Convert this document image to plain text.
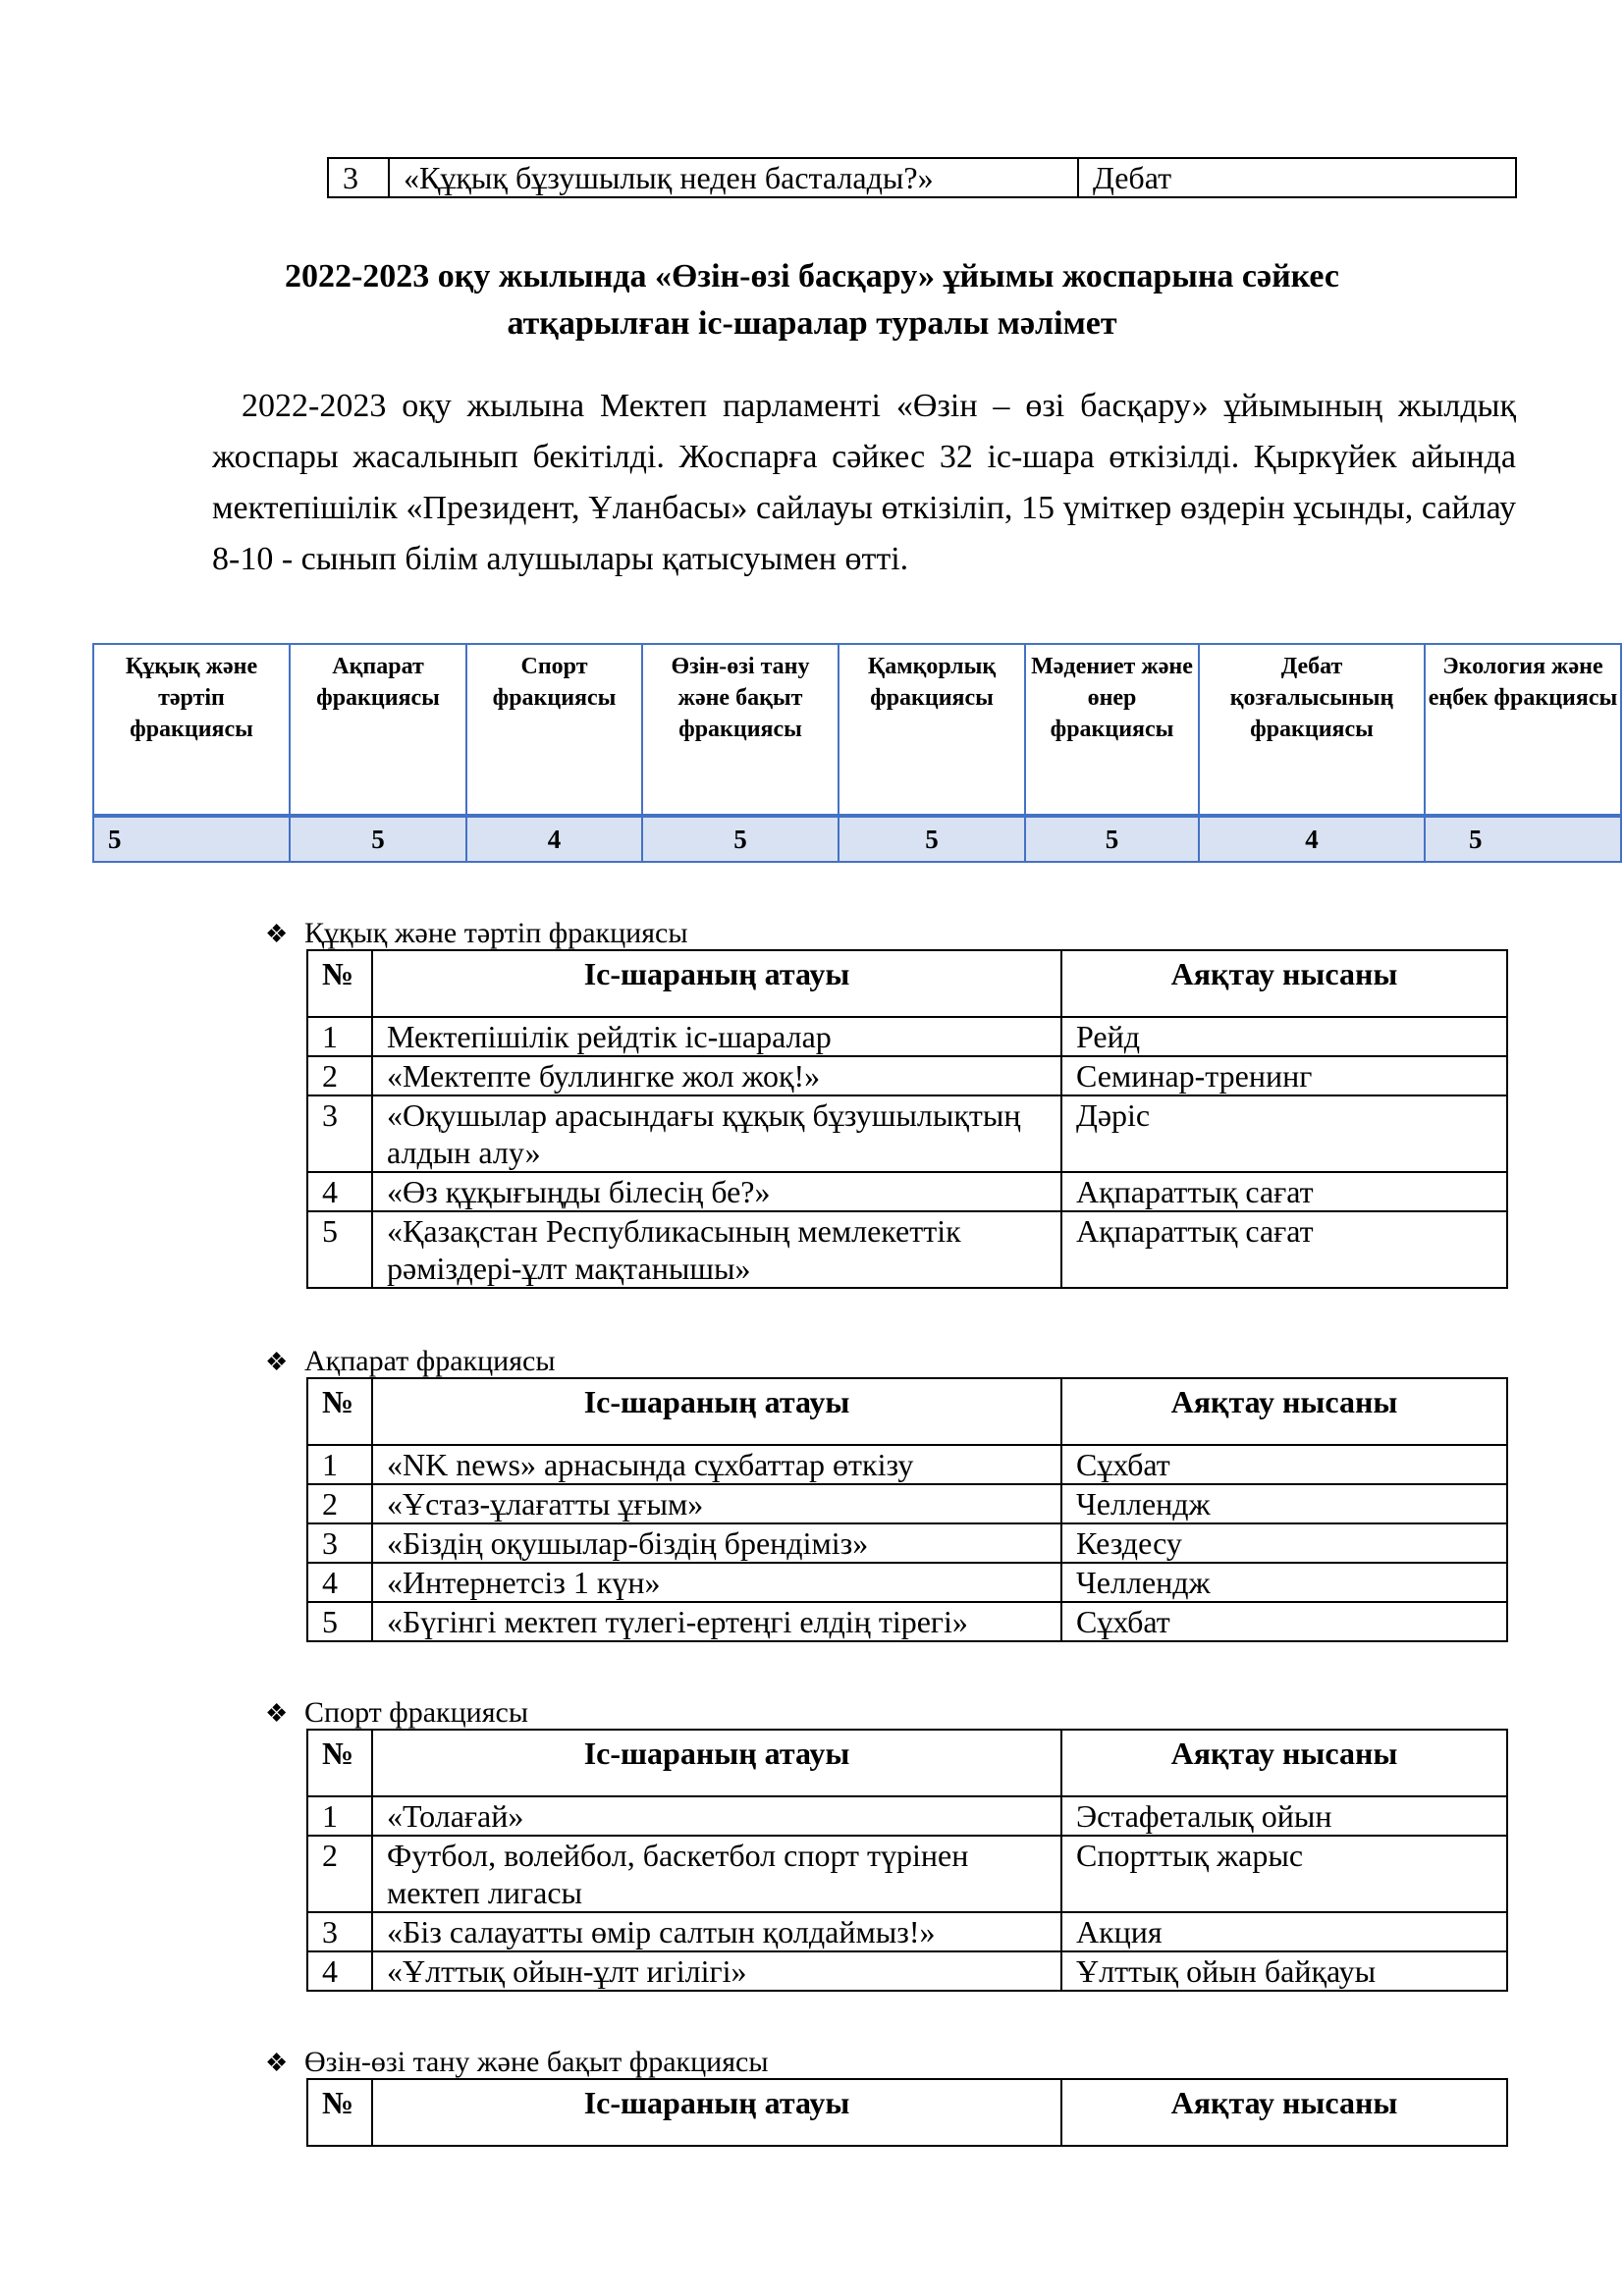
3	«Құқық бұзушылық неден басталады?»	Дебат
2022-2023 оқу жылында «Өзін-өзі басқару» ұйымы жоспарына сәйкес
атқарылған іс-шаралар туралы мәлімет
2022-2023 оқу жылына Мектеп парламенті «Өзін – өзі басқару» ұйымының жылдық жоспары жасалынып бекітілді. Жоспарға сәйкес 32 іс-шара өткізілді. Қыркүйек айында мектепішілік «Президент, Ұланбасы» сайлауы өткізіліп, 15 үміткер өздерін ұсынды, сайлау 8-10 - сынып білім алушылары қатысуымен өтті.
Құқық және тәртіп фракциясы	Ақпарат фракциясы	Спорт фракциясы	Өзін-өзі тану және бақыт фракциясы	Қамқорлық фракциясы	Мәдениет және өнер фракциясы	Дебат қозғалысының фракциясы	Экология және еңбек фракциясы
5	5	4	5	5	5	4	5
❖ Құқық және тәртіп фракциясы
№	Іс-шараның атауы	Аяқтау нысаны
1	Мектепішілік рейдтік іс-шаралар	Рейд
2	«Мектепте буллингке жол жоқ!»	Семинар-тренинг
3	«Оқушылар арасындағы құқық бұзушылықтың алдын алу»	Дәріс
4	«Өз құқығыңды білесің бе?»	Ақпараттық сағат
5	«Қазақстан Республикасының мемлекеттік рәміздері-ұлт мақтанышы»	Ақпараттық сағат
❖ Ақпарат фракциясы
№	Іс-шараның атауы	Аяқтау нысаны
1	«NK news» арнасында сұхбаттар өткізу	Сұхбат
2	«Ұстаз-ұлағатты ұғым»	Челлендж
3	«Біздің оқушылар-біздің брендіміз»	Кездесу
4	«Интернетсіз 1 күн»	Челлендж
5	«Бүгінгі мектеп түлегі-ертеңгі елдің тірегі»	Сұхбат
❖ Спорт фракциясы
№	Іс-шараның атауы	Аяқтау нысаны
1	«Толағай»	Эстафеталық ойын
2	Футбол, волейбол, баскетбол спорт түрінен мектеп лигасы	Спорттық жарыс
3	«Біз салауатты өмір салтын қолдаймыз!»	Акция
4	«Ұлттық ойын-ұлт игілігі»	Ұлттық ойын байқауы
❖ Өзін-өзі тану және бақыт фракциясы
№	Іс-шараның атауы	Аяқтау нысаны
